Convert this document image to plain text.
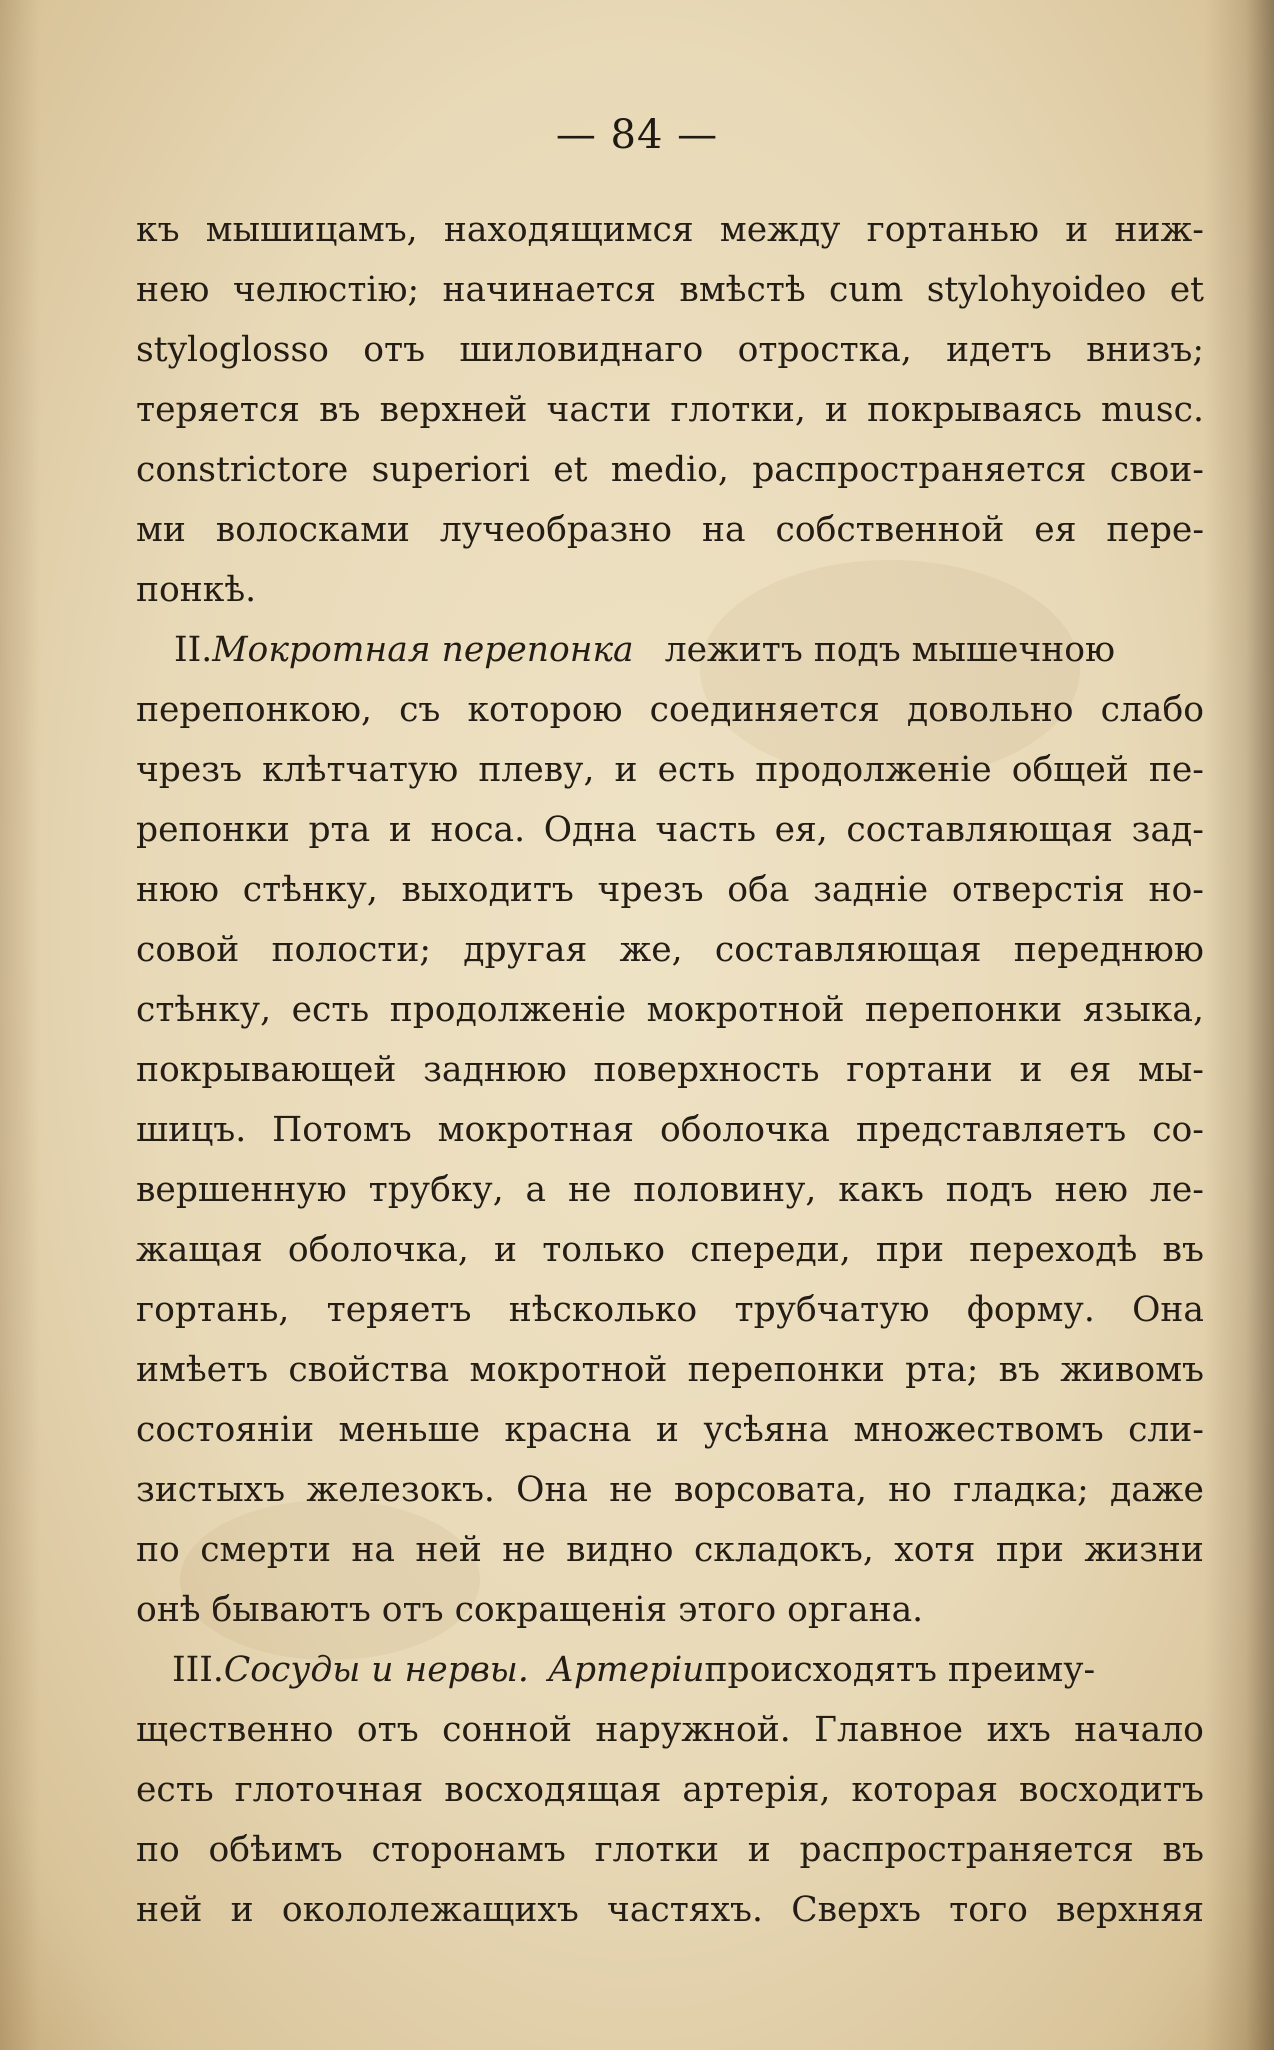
— 84 —
къ мышицамъ, находящимся между гортанью и ниж-
нею челюстію; начинается вмѣстѣ cum stylohyoideo et
styloglosso отъ шиловиднаго отростка, идетъ внизъ;
теряется въ верхней части глотки, и покрываясь musc.
constrictore superiori et medio, распространяется свои-
ми волосками лучеобразно на собственной ея пере-
понкѣ.
II. Мокротная перепонка лежитъ подъ мышечною
перепонкою, съ которою соединяется довольно слабо
чрезъ клѣтчатую плеву, и есть продолженіе общей пе-
репонки рта и носа. Одна часть ея, составляющая зад-
нюю стѣнку, выходитъ чрезъ оба задніе отверстія но-
совой полости; другая же, составляющая переднюю
стѣнку, есть продолженіе мокротной перепонки языка,
покрывающей заднюю поверхность гортани и ея мы-
шицъ. Потомъ мокротная оболочка представляетъ со-
вершенную трубку, а не половину, какъ подъ нею ле-
жащая оболочка, и только спереди, при переходѣ въ
гортань, теряетъ нѣсколько трубчатую форму. Она
имѣетъ свойства мокротной перепонки рта; въ живомъ
состояніи меньше красна и усѣяна множествомъ сли-
зистыхъ железокъ. Она не ворсовата, но гладка; даже
по смерти на ней не видно складокъ, хотя при жизни
онѣ бываютъ отъ сокращенія этого органа.
III. Сосуды и нервы. Артеріи происходятъ преиму-
щественно отъ сонной наружной. Главное ихъ начало
есть глоточная восходящая артерія, которая восходитъ
по обѣимъ сторонамъ глотки и распространяется въ
ней и окололежащихъ частяхъ. Сверхъ того верхняя
